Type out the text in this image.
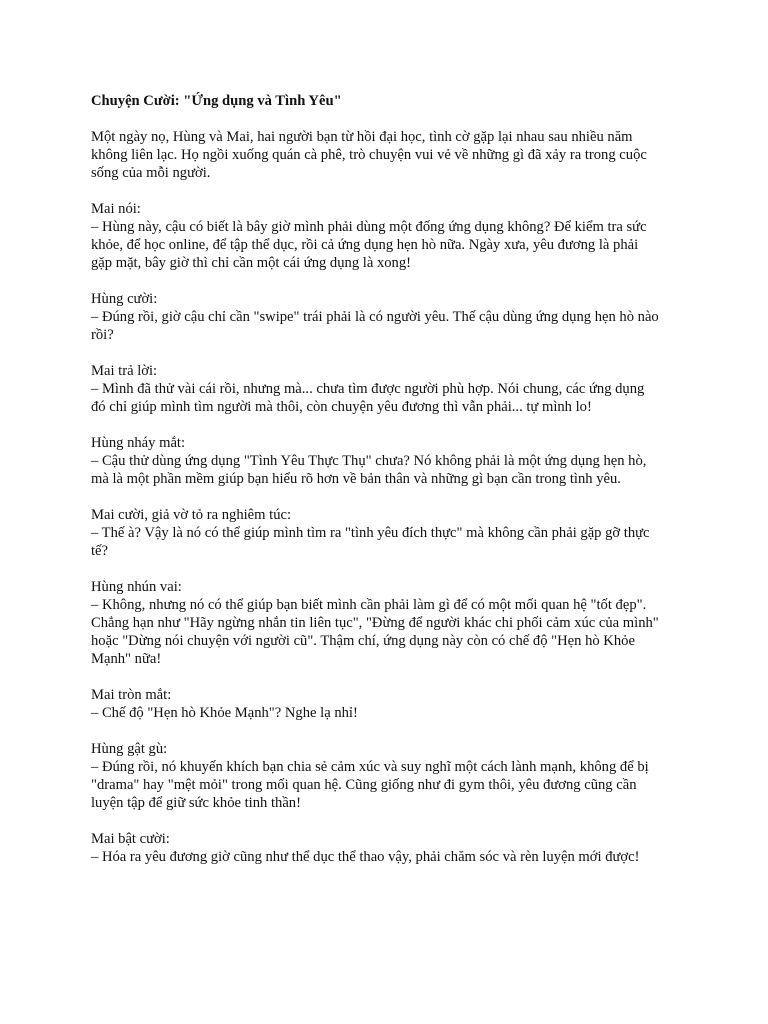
Chuyện Cười: "Ứng dụng và Tình Yêu"
Một ngày nọ, Hùng và Mai, hai người bạn từ hồi đại học, tình cờ gặp lại nhau sau nhiều năm
không liên lạc. Họ ngồi xuống quán cà phê, trò chuyện vui vẻ về những gì đã xảy ra trong cuộc
sống của mỗi người.
Mai nói:
– Hùng này, cậu có biết là bây giờ mình phải dùng một đống ứng dụng không? Để kiểm tra sức
khỏe, để học online, để tập thể dục, rồi cả ứng dụng hẹn hò nữa. Ngày xưa, yêu đương là phải
gặp mặt, bây giờ thì chỉ cần một cái ứng dụng là xong!
Hùng cười:
– Đúng rồi, giờ cậu chỉ cần "swipe" trái phải là có người yêu. Thế cậu dùng ứng dụng hẹn hò nào
rồi?
Mai trả lời:
– Mình đã thử vài cái rồi, nhưng mà... chưa tìm được người phù hợp. Nói chung, các ứng dụng
đó chỉ giúp mình tìm người mà thôi, còn chuyện yêu đương thì vẫn phải... tự mình lo!
Hùng nháy mắt:
– Cậu thử dùng ứng dụng "Tình Yêu Thực Thụ" chưa? Nó không phải là một ứng dụng hẹn hò,
mà là một phần mềm giúp bạn hiểu rõ hơn về bản thân và những gì bạn cần trong tình yêu.
Mai cười, giả vờ tỏ ra nghiêm túc:
– Thế à? Vậy là nó có thể giúp mình tìm ra "tình yêu đích thực" mà không cần phải gặp gỡ thực
tế?
Hùng nhún vai:
– Không, nhưng nó có thể giúp bạn biết mình cần phải làm gì để có một mối quan hệ "tốt đẹp".
Chẳng hạn như "Hãy ngừng nhắn tin liên tục", "Đừng để người khác chi phối cảm xúc của mình"
hoặc "Dừng nói chuyện với người cũ". Thậm chí, ứng dụng này còn có chế độ "Hẹn hò Khỏe
Mạnh" nữa!
Mai tròn mắt:
– Chế độ "Hẹn hò Khỏe Mạnh"? Nghe lạ nhỉ!
Hùng gật gù:
– Đúng rồi, nó khuyến khích bạn chia sẻ cảm xúc và suy nghĩ một cách lành mạnh, không để bị
"drama" hay "mệt mỏi" trong mối quan hệ. Cũng giống như đi gym thôi, yêu đương cũng cần
luyện tập để giữ sức khỏe tinh thần!
Mai bật cười:
– Hóa ra yêu đương giờ cũng như thể dục thể thao vậy, phải chăm sóc và rèn luyện mới được!
